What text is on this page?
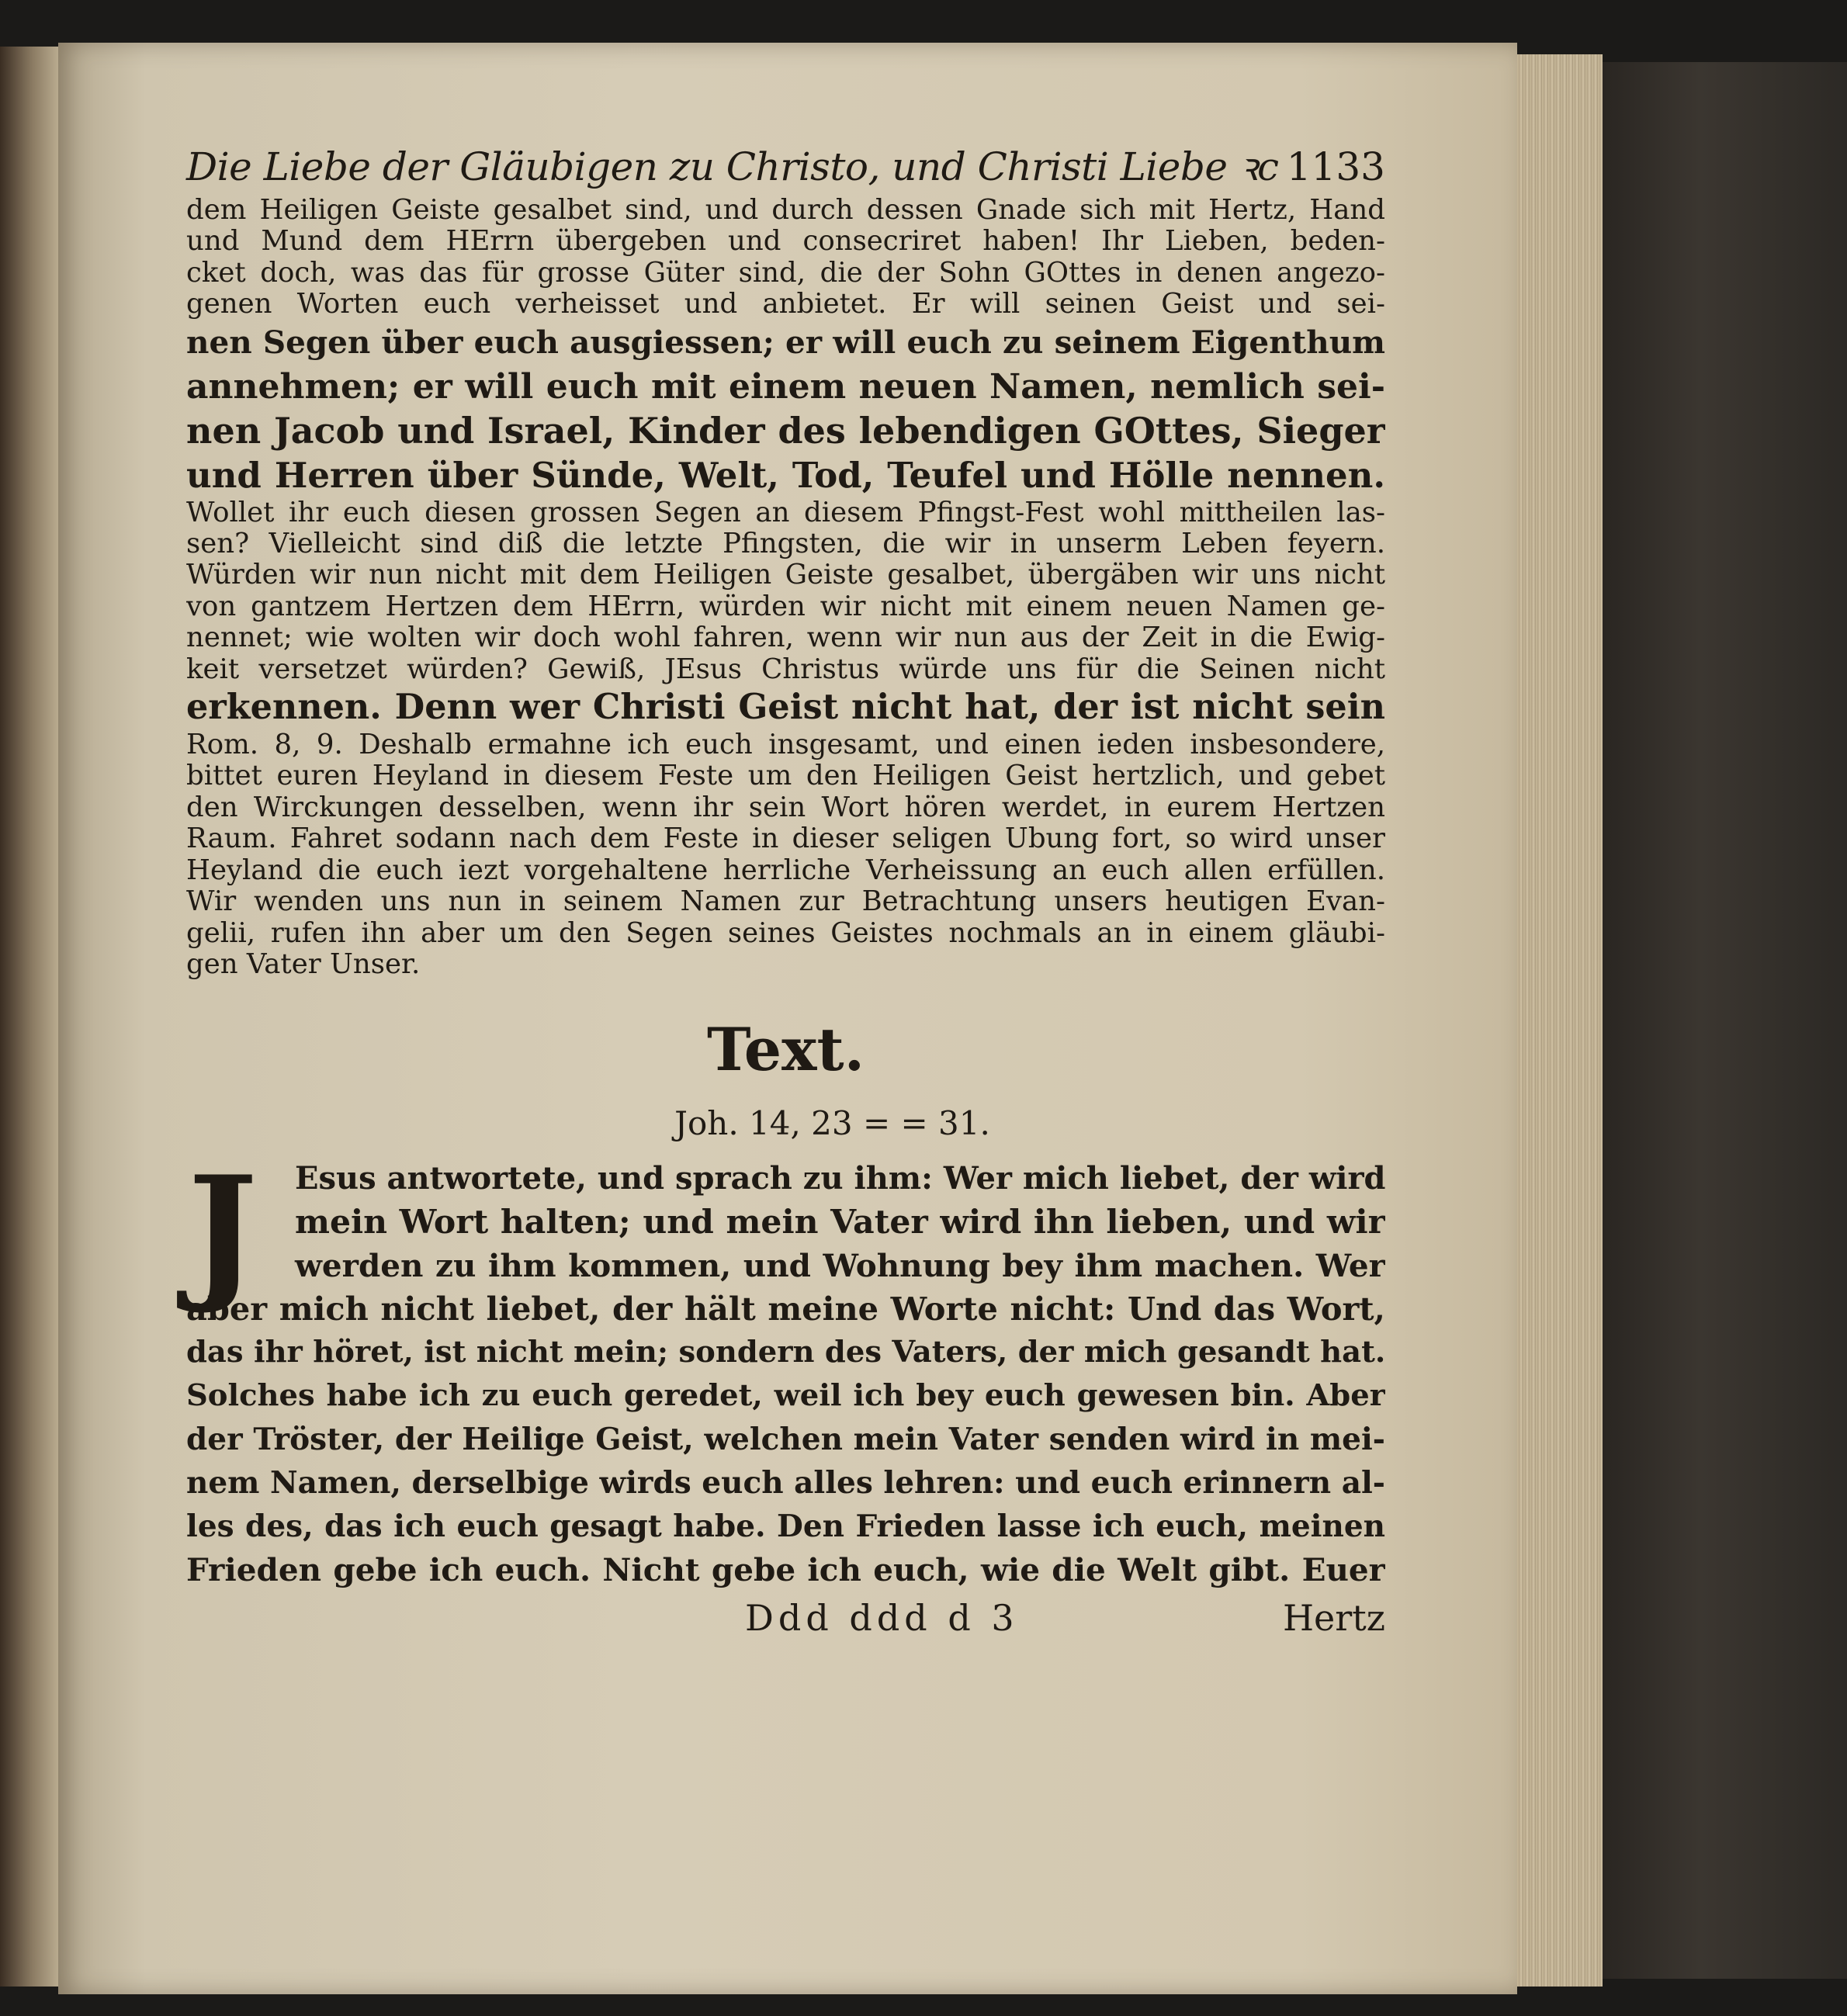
Die Liebe der Gläubigen zu Christo, und Christi Liebe ꝛc 1133
dem Heiligen Geiste gesalbet sind, und durch dessen Gnade sich mit Hertz, Hand
und Mund dem HErrn übergeben und consecriret haben! Ihr Lieben, beden-
cket doch, was das für grosse Güter sind, die der Sohn GOttes in denen angezo-
genen Worten euch verheisset und anbietet. Er will seinen Geist und sei-
nen Segen über euch ausgiessen; er will euch zu seinem Eigenthum
annehmen; er will euch mit einem neuen Namen, nemlich sei-
nen Jacob und Israel, Kinder des lebendigen GOttes, Sieger
und Herren über Sünde, Welt, Tod, Teufel und Hölle nennen.
Wollet ihr euch diesen grossen Segen an diesem Pfingst-Fest wohl mittheilen las-
sen? Vielleicht sind diß die letzte Pfingsten, die wir in unserm Leben feyern.
Würden wir nun nicht mit dem Heiligen Geiste gesalbet, übergäben wir uns nicht
von gantzem Hertzen dem HErrn, würden wir nicht mit einem neuen Namen ge-
nennet; wie wolten wir doch wohl fahren, wenn wir nun aus der Zeit in die Ewig-
keit versetzet würden? Gewiß, JEsus Christus würde uns für die Seinen nicht
erkennen. Denn wer Christi Geist nicht hat, der ist nicht sein
Rom. 8, 9. Deshalb ermahne ich euch insgesamt, und einen ieden insbesondere,
bittet euren Heyland in diesem Feste um den Heiligen Geist hertzlich, und gebet
den Wirckungen desselben, wenn ihr sein Wort hören werdet, in eurem Hertzen
Raum. Fahret sodann nach dem Feste in dieser seligen Ubung fort, so wird unser
Heyland die euch iezt vorgehaltene herrliche Verheissung an euch allen erfüllen.
Wir wenden uns nun in seinem Namen zur Betrachtung unsers heutigen Evan-
gelii, rufen ihn aber um den Segen seines Geistes nochmals an in einem gläubi-
gen Vater Unser.
Text.
Joh. 14, 23 = = 31.
J	Esus antwortete, und sprach zu ihm: Wer mich liebet, der wird
mein Wort halten; und mein Vater wird ihn lieben, und wir
werden zu ihm kommen, und Wohnung bey ihm machen. Wer
aber mich nicht liebet, der hält meine Worte nicht: Und das Wort,
das ihr höret, ist nicht mein; sondern des Vaters, der mich gesandt hat.
Solches habe ich zu euch geredet, weil ich bey euch gewesen bin. Aber
der Tröster, der Heilige Geist, welchen mein Vater senden wird in mei-
nem Namen, derselbige wirds euch alles lehren: und euch erinnern al-
les des, das ich euch gesagt habe. Den Frieden lasse ich euch, meinen
Frieden gebe ich euch. Nicht gebe ich euch, wie die Welt gibt. Euer
Ddd ddd d 3	Hertz
